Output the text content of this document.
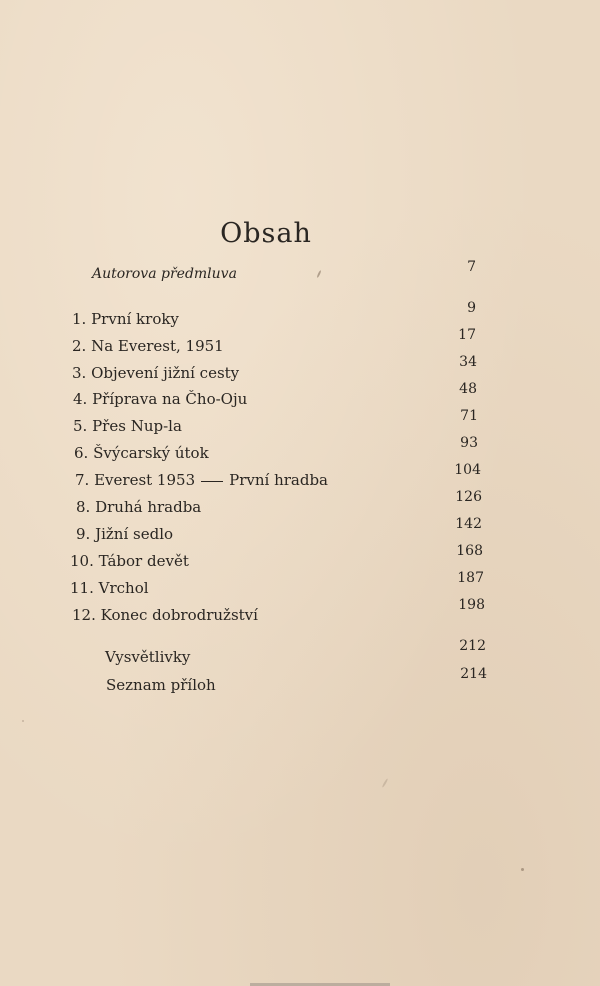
Obsah
Autorova předmluva	7
1. První kroky
9
2. Na Everest, 1951
17
3. Objevení jižní cesty
34
4. Příprava na Čho-Oju
48
5. Přes Nup-la
71
6. Švýcarský útok
93
7. Everest 1953 První hradba
104
8. Druhá hradba
126
9. Jižní sedlo
142
10. Tábor devět
168
11. Vrchol
187
12. Konec dobrodružství
198
Vysvětlivky
212
Seznam příloh
214
